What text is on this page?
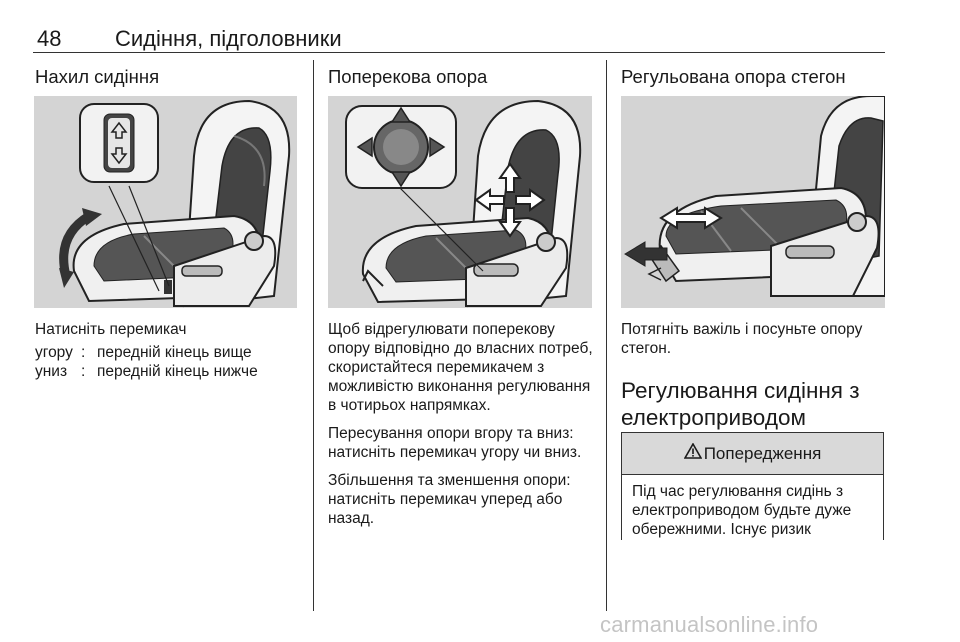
48 Сидіння, підголовники
Нахил сидіння
Натисніть перемикач
угору	:	передній кінець вище
униз	:	передній кінець нижче
Поперекова опора

Щоб відрегулювати поперекову опору відповідно до власних потреб, скористайтеся перемикачем з можливістю виконання регулювання в чотирьох напрямках.

Пересування опори вгору та вниз: натисніть перемикач угору чи вниз.

Збільшення та зменшення опори: натисніть перемикач уперед або назад.

Регульована опора стегон
Потягніть важіль і посуньте опору стегон.
Регулювання сидіння з електроприводом
Попередження
Під час регулювання сидінь з електроприводом будьте дуже обережними. Існує ризик
carmanualsonline.info
